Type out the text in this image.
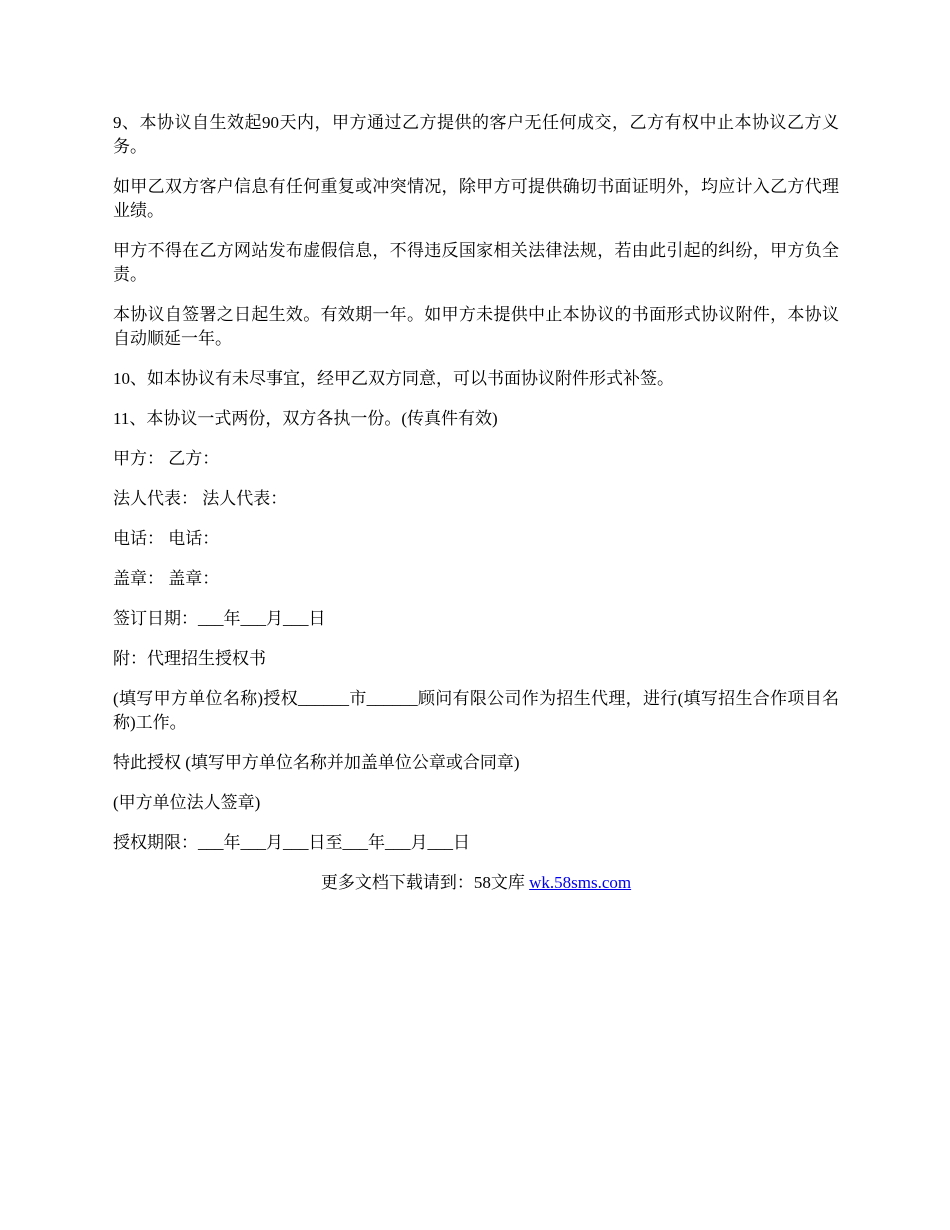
9、本协议自生效起90天内，甲方通过乙方提供的客户无任何成交，乙方有权中止本协议乙方义务。

如甲乙双方客户信息有任何重复或冲突情况，除甲方可提供确切书面证明外，均应计入乙方代理业绩。

甲方不得在乙方网站发布虚假信息，不得违反国家相关法律法规，若由此引起的纠纷，甲方负全责。

本协议自签署之日起生效。有效期一年。如甲方未提供中止本协议的书面形式协议附件，本协议自动顺延一年。

10、如本协议有未尽事宜，经甲乙双方同意，可以书面协议附件形式补签。

11、本协议一式两份，双方各执一份。(传真件有效)

甲方： 乙方：

法人代表： 法人代表：

电话： 电话：

盖章： 盖章：

签订日期：___年___月___日

附：代理招生授权书

(填写甲方单位名称)授权______市______顾问有限公司作为招生代理，进行(填写招生合作项目名称)工作。

特此授权 (填写甲方单位名称并加盖单位公章或合同章)

(甲方单位法人签章)

授权期限：___年___月___日至___年___月___日

更多文档下载请到：58文库 wk.58sms.com
